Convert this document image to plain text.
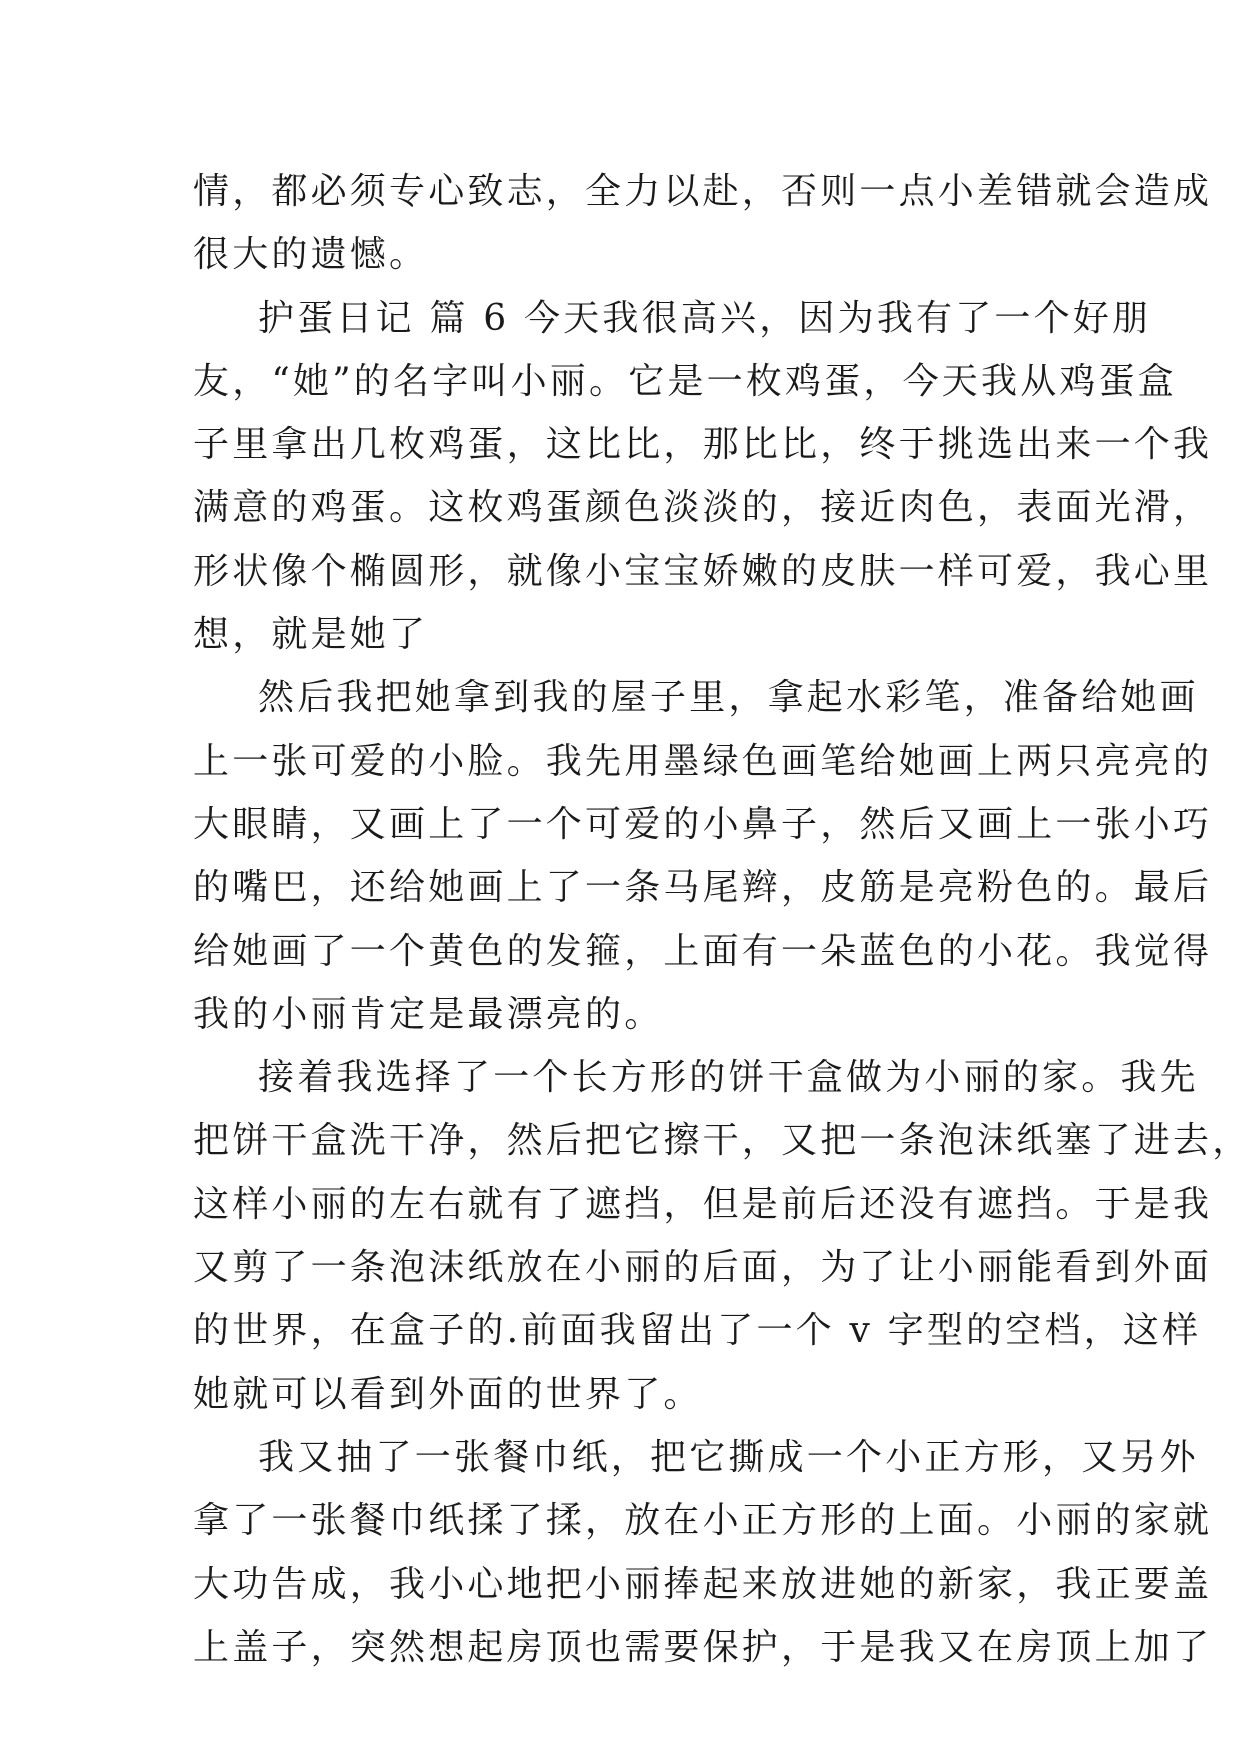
情，都必须专心致志，全力以赴，否则一点小差错就会造成
很大的遗憾。
护蛋日记 篇 6 今天我很高兴，因为我有了一个好朋
友，“她”的名字叫小丽。它是一枚鸡蛋，今天我从鸡蛋盒
子里拿出几枚鸡蛋，这比比，那比比，终于挑选出来一个我
满意的鸡蛋。这枚鸡蛋颜色淡淡的，接近肉色，表面光滑，
形状像个椭圆形，就像小宝宝娇嫩的皮肤一样可爱，我心里
想，就是她了
然后我把她拿到我的屋子里，拿起水彩笔，准备给她画
上一张可爱的小脸。我先用墨绿色画笔给她画上两只亮亮的
大眼睛，又画上了一个可爱的小鼻子，然后又画上一张小巧
的嘴巴，还给她画上了一条马尾辫，皮筋是亮粉色的。最后
给她画了一个黄色的发箍，上面有一朵蓝色的小花。我觉得
我的小丽肯定是最漂亮的。
接着我选择了一个长方形的饼干盒做为小丽的家。我先
把饼干盒洗干净，然后把它擦干，又把一条泡沫纸塞了进去，
这样小丽的左右就有了遮挡，但是前后还没有遮挡。于是我
又剪了一条泡沫纸放在小丽的后面，为了让小丽能看到外面
的世界，在盒子的.前面我留出了一个 v 字型的空档，这样
她就可以看到外面的世界了。
我又抽了一张餐巾纸，把它撕成一个小正方形，又另外
拿了一张餐巾纸揉了揉，放在小正方形的上面。小丽的家就
大功告成，我小心地把小丽捧起来放进她的新家，我正要盖
上盖子，突然想起房顶也需要保护，于是我又在房顶上加了
